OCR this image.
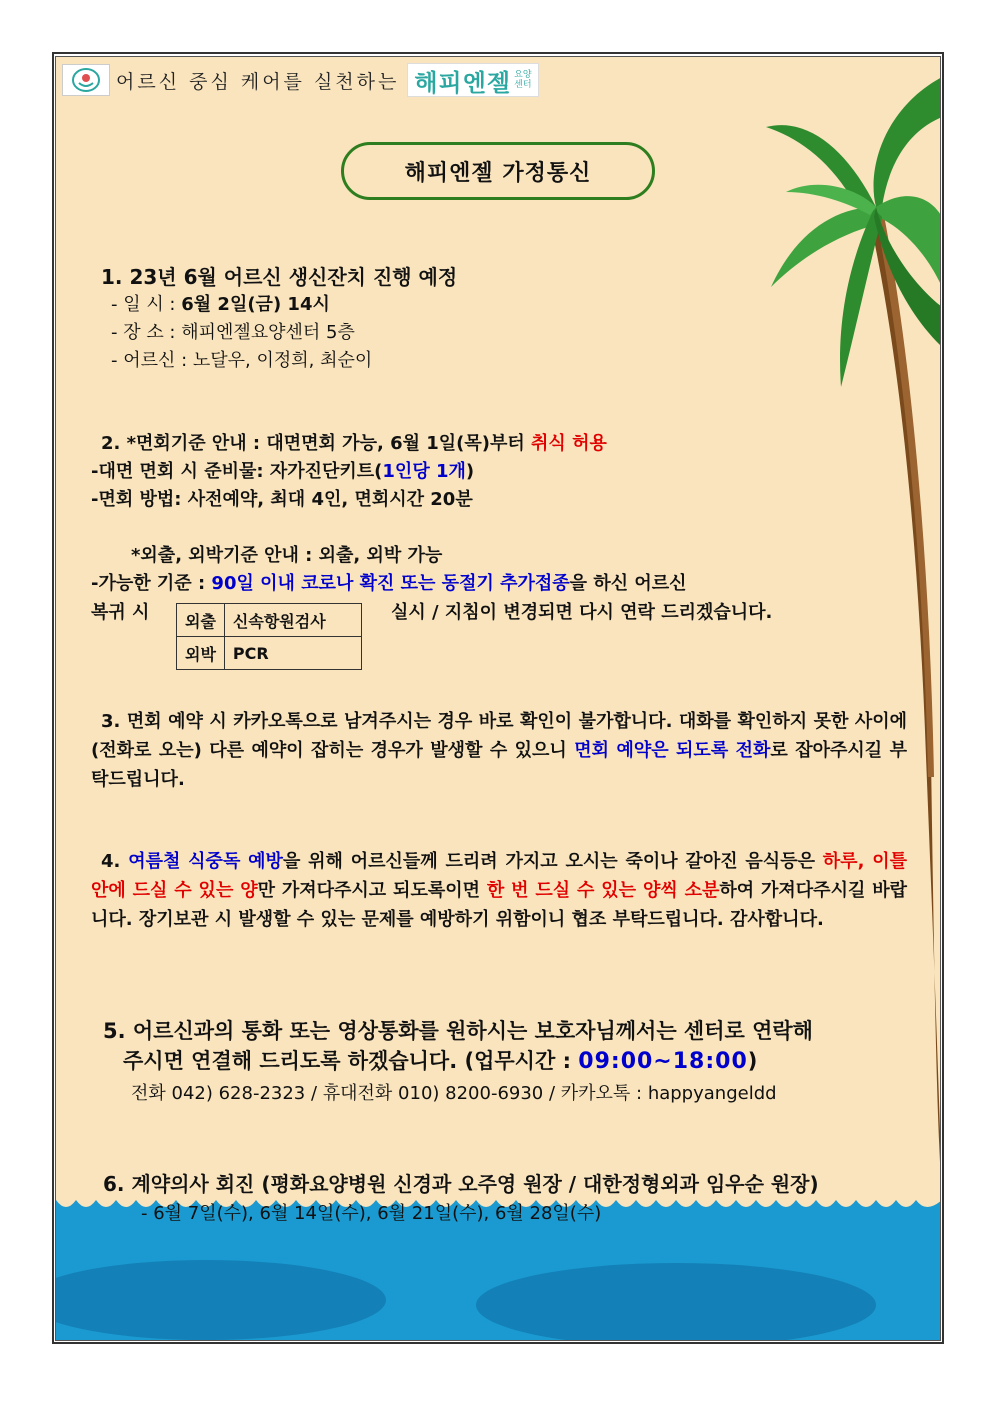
어르신 중심 케어를 실천하는 해피엔젤 요양
센터
해피엔젤 가정통신
1. 23년 6월 어르신 생신잔치 진행 예정
- 일 시 : 6월 2일(금) 14시
- 장 소 : 해피엔젤요양센터 5층
- 어르신 : 노달우, 이정희, 최순이
2. *면회기준 안내 : 대면면회 가능, 6월 1일(목)부터 취식 허용
-대면 면회 시 준비물: 자가진단키트(1인당 1개)
-면회 방법: 사전예약, 최대 4인, 면회시간 20분
*외출, 외박기준 안내 : 외출, 외박 가능
-가능한 기준 : 90일 이내 코로나 확진 또는 동절기 추가접종을 하신 어르신
복귀 시	실시 / 지침이 변경되면 다시 연락 드리겠습니다.
외출	신속항원검사
외박	PCR
3. 면회 예약 시 카카오톡으로 남겨주시는 경우 바로 확인이 불가합니다. 대화를 확인하지 못한 사이에 (전화로 오는) 다른 예약이 잡히는 경우가 발생할 수 있으니 면회 예약은 되도록 전화로 잡아주시길 부탁드립니다.
4. 여름철 식중독 예방을 위해 어르신들께 드리려 가지고 오시는 죽이나 갈아진 음식등은 하루, 이틀 안에 드실 수 있는 양만 가져다주시고 되도록이면 한 번 드실 수 있는 양씩 소분하여 가져다주시길 바랍니다. 장기보관 시 발생할 수 있는 문제를 예방하기 위함이니 협조 부탁드립니다. 감사합니다.
5. 어르신과의 통화 또는 영상통화를 원하시는 보호자님께서는 센터로 연락해
주시면 연결해 드리도록 하겠습니다. (업무시간 : 09:00~18:00)
전화 042) 628-2323 / 휴대전화 010) 8200-6930 / 카카오톡 : happyangeldd
6. 계약의사 회진 (평화요양병원 신경과 오주영 원장 / 대한정형외과 임우순 원장)
- 6월 7일(수), 6월 14일(수), 6월 21일(수), 6월 28일(수)
